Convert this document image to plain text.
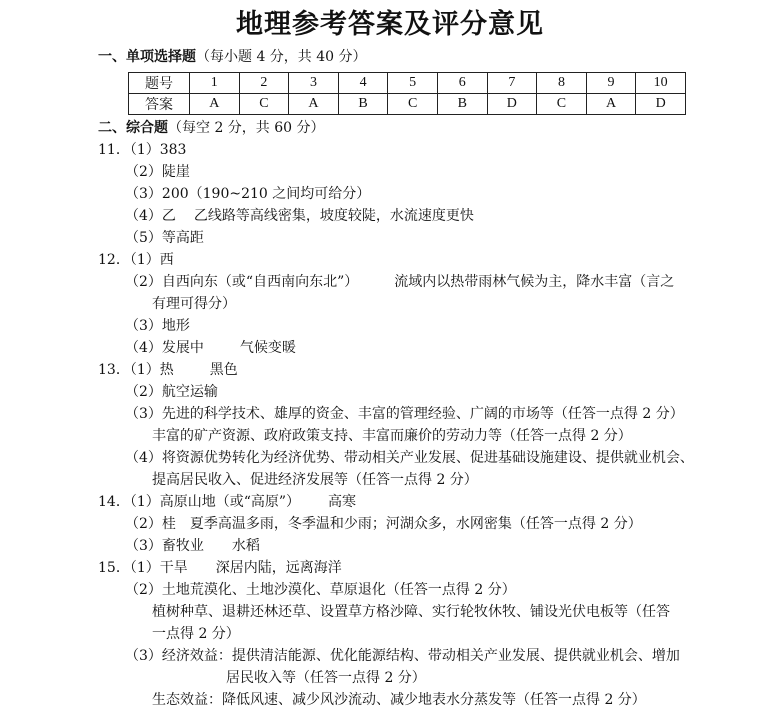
地理参考答案及评分意见
一、单项选择题（每小题 4 分，共 40 分）
题号	1	2	3	4	5	6	7	8	9	10
答案	A	C	A	B	C	B	D	C	A	D
二、综合题（每空 2 分，共 60 分）
11．（1）383
（2）陡崖
（3）200（190~210 之间均可给分）
（4）乙 乙线路等高线密集，坡度较陡，水流速度更快
（5）等高距
12．（1）西
（2）自西向东（或“自西南向东北”）	流域内以热带雨林气候为主，降水丰富（言之
有理可得分）
（3）地形
（4）发展中	气候变暖
13．（1）热	黑色
（2）航空运输
（3）先进的科学技术、雄厚的资金、丰富的管理经验、广阔的市场等（任答一点得 2 分）
丰富的矿产资源、政府政策支持、丰富而廉价的劳动力等（任答一点得 2 分）
（4）将资源优势转化为经济优势、带动相关产业发展、促进基础设施建设、提供就业机会、
提高居民收入、促进经济发展等（任答一点得 2 分）
14．（1）高原山地（或“高原”） 高寒
（2）桂　夏季高温多雨，冬季温和少雨；河湖众多，水网密集（任答一点得 2 分）
（3）畜牧业 水稻
15．（1）干旱 深居内陆，远离海洋
（2）土地荒漠化、土地沙漠化、草原退化（任答一点得 2 分）
植树种草、退耕还林还草、设置草方格沙障、实行轮牧休牧、铺设光伏电板等（任答
一点得 2 分）
（3）经济效益：提供清洁能源、优化能源结构、带动相关产业发展、提供就业机会、增加
居民收入等（任答一点得 2 分）
生态效益：降低风速、减少风沙流动、减少地表水分蒸发等（任答一点得 2 分）
